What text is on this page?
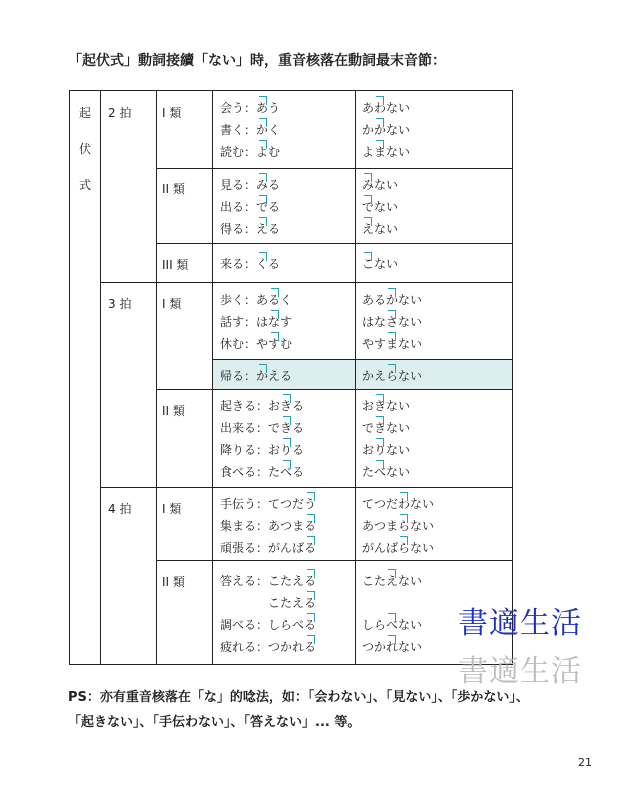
「起伏式」動詞接續「ない」時，重音核落在動詞最末音節：
起
伏
式
2 拍
3 拍
4 拍
I 類
II 類
III 類
I 類
II 類
I 類
II 類
会う：あう
書く：かく
読む：よむ
あわない
かかない
よまない
見る：みる
出る：でる
得る：える
みない
でない
えない
来る：くる	こない
歩く：あるく
話す：はなす
休む：やすむ
あるかない
はなさない
やすまない
帰る：かえる	かえらない
起きる：おきる
出来る：できる
降りる：おりる
食べる：たべる
おきない
できない
おりない
たべない
手伝う：てつだう
集まる：あつまる
頑張る：がんばる
てつだわない
あつまらない
がんばらない
答える：こたえる
こたえる
調べる：しらべる
疲れる：つかれる
こたえない
しらべない
つかれない
書適生活
書適生活
PS：亦有重音核落在「な」的唸法，如：「会わない」、「見ない」、「歩かない」、
「起きない」、「手伝わない」、「答えない」... 等。
21
